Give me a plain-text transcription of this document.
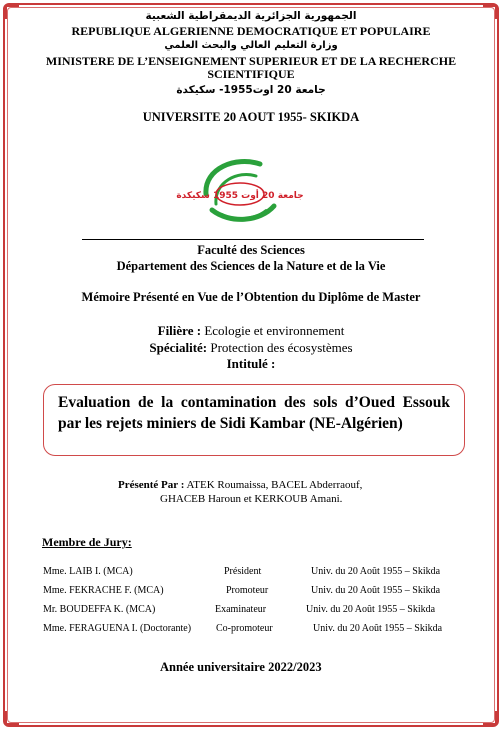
الجمهورية الجزائرية الديمقراطية الشعبية
REPUBLIQUE ALGERIENNE DEMOCRATIQUE ET POPULAIRE
وزارة التعليم العالي والبحث العلمي
MINISTERE DE L’ENSEIGNEMENT SUPERIEUR ET DE LA RECHERCHE
SCIENTIFIQUE
جامعة 20 اوت1955- سكيكدة
UNIVERSITE 20 AOUT 1955- SKIKDA
جامعة 20 أوت 1955 سكيكدة
Faculté des Sciences
Département des Sciences de la Nature et de la Vie
Mémoire Présenté en Vue de l’Obtention du Diplôme de Master
Filière : Ecologie et environnement
Spécialité: Protection des écosystèmes
Intitulé :

Evaluation de la contamination des sols d’Oued Essouk par les rejets miniers de Sidi Kambar (NE-Algérien)

Présenté Par : ATEK Roumaissa, BACEL Abderraouf,
GHACEB Haroun et KERKOUB Amani.
Membre de Jury:
Mme. LAIB I. (MCA)	Président	Univ. du 20 Août 1955 – Skikda
Mme. FEKRACHE F. (MCA)	Promoteur	Univ. du 20 Août 1955 – Skikda
Mr. BOUDEFFA K. (MCA)	Examinateur	Univ. du 20 Août 1955 – Skikda
Mme. FERAGUENA I. (Doctorante) Co-promoteur	Univ. du 20 Août 1955 – Skikda
Année universitaire 2022/2023
